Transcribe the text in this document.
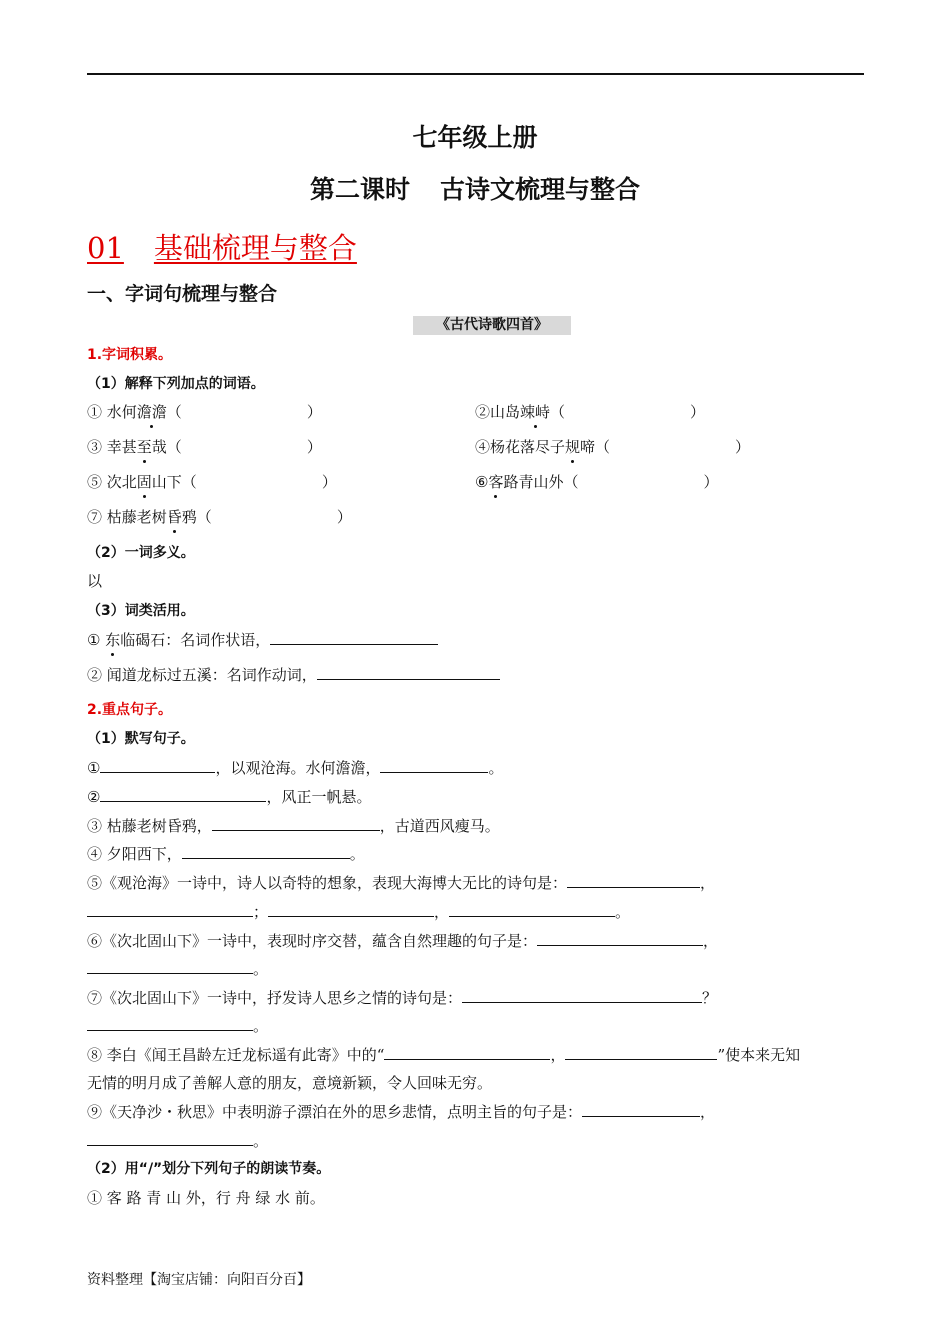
七年级上册
第二课时 古诗文梳理与整合
01 基础梳理与整合
一、字词句梳理与整合
《古代诗歌四首》
1.字词积累。
（1）解释下列加点的词语。
① 水何澹澹（	）	②山岛竦峙（	）
③ 幸甚至哉（	）	④杨花落尽子规啼（	）
⑤ 次北固山下（	）	⑥客路青山外（	）
⑦ 枯藤老树昏鸦（	）
（2）一词多义。
以
（3）词类活用。
① 东临碣石：名词作状语，
② 闻道龙标过五溪：名词作动词，
2.重点句子。
（1）默写句子。
①	，以观沧海。水何澹澹，	。
②	，风正一帆悬。
③ 枯藤老树昏鸦，	，古道西风瘦马。
④ 夕阳西下，	。
⑤《观沧海》一诗中，诗人以奇特的想象，表现大海博大无比的诗句是：	，
；	，	。
⑥《次北固山下》一诗中，表现时序交替，蕴含自然理趣的句子是：	，
。
⑦《次北固山下》一诗中，抒发诗人思乡之情的诗句是：	？
。
⑧ 李白《闻王昌龄左迁龙标遥有此寄》中的“	，	”使本来无知
无情的明月成了善解人意的朋友，意境新颖，令人回味无穷。
⑨《天净沙・秋思》中表明游子漂泊在外的思乡悲情，点明主旨的句子是：	，
。
（2）用“/”划分下列句子的朗读节奏。
① 客 路 青 山 外，行 舟 绿 水 前。
资料整理【淘宝店铺：向阳百分百】
